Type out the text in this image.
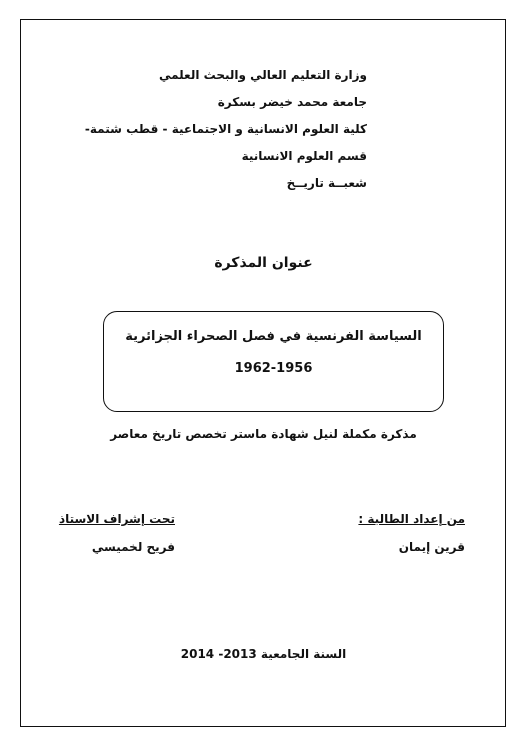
وزارة التعليم العالي والبحث العلمي
جامعة محمد خيضر بسكرة
كلية العلوم الانسانية و الاجتماعية - قطب شتمة-
قسم العلوم الانسانية
شعبــة تاريــخ
عنوان المذكرة
السياسة الفرنسية في فصل الصحراء الجزائرية
1962-1956
مذكرة مكملة لنيل شهادة ماستر تخصص تاريخ معاصر
من إعداد الطالبة :
قرين إيمان
تحت إشراف الاستاذ
فريح لخميسي
السنة الجامعية 2013- 2014
